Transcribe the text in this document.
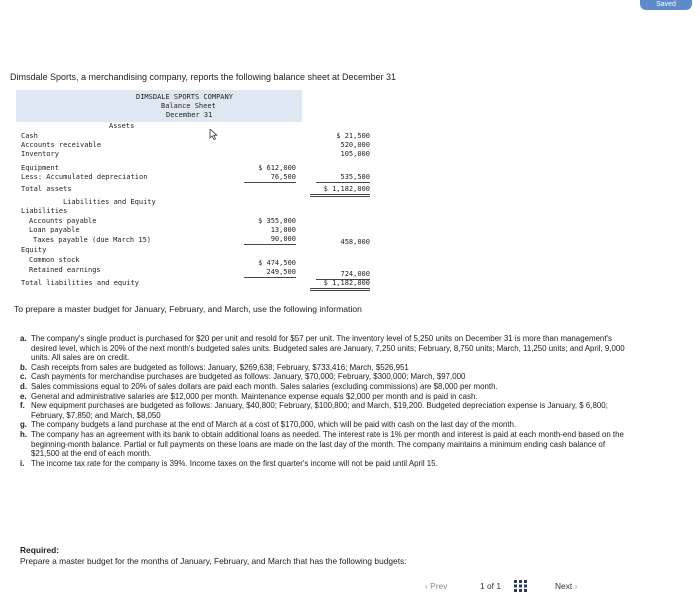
Saved
Dimsdale Sports, a merchandising company, reports the following balance sheet at December 31
DIMSDALE SPORTS COMPANY
Balance Sheet
December 31
Assets
Cash	$ 21,500
Accounts receivable	520,000
Inventory	105,000
Equipment	$ 612,000
Less: Accumulated depreciation	76,500	535,500
Total assets	$ 1,182,000
Liabilities and Equity
Liabilities
Accounts payable	$ 355,000
Loan payable	13,000
Taxes payable (due March 15)	90,000	458,000
Equity
Common stock	$ 474,500
Retained earnings	249,500	724,000
Total liabilities and equity	$ 1,182,000
To prepare a master budget for January, February, and March, use the following information

a. The company's single product is purchased for $20 per unit and resold for $57 per unit. The inventory level of 5,250 units on December 31 is more than management's desired level, which is 20% of the next month's budgeted sales units. Budgeted sales are January, 7,250 units; February, 8,750 units; March, 11,250 units; and April, 9,000 units. All sales are on credit.

b. Cash receipts from sales are budgeted as follows: January, $269,638; February, $733,416; March, $526,951

c. Cash payments for merchandise purchases are budgeted as follows: January, $70,000; February, $300,000; March, $97,000

d. Sales commissions equal to 20% of sales dollars are paid each month. Sales salaries (excluding commissions) are $8,000 per month.

e. General and administrative salaries are $12,000 per month. Maintenance expense equals $2,000 per month and is paid in cash.

f. New equipment purchases are budgeted as follows: January, $40,800; February, $100,800; and March, $19,200. Budgeted depreciation expense is January, $ 6,800; February, $7,850; and March, $8,050

g. The company budgets a land purchase at the end of March at a cost of $170,000, which will be paid with cash on the last day of the month.

h. The company has an agreement with its bank to obtain additional loans as needed. The interest rate is 1% per month and interest is paid at each month-end based on the beginning-month balance. Partial or full payments on these loans are made on the last day of the month. The company maintains a minimum ending cash balance of $21,500 at the end of each month.

i. The income tax rate for the company is 39%. Income taxes on the first quarter's income will not be paid until April 15.

Required:
Prepare a master budget for the months of January, February, and March that has the following budgets:
‹ Prev	1 of 1	Next ›
